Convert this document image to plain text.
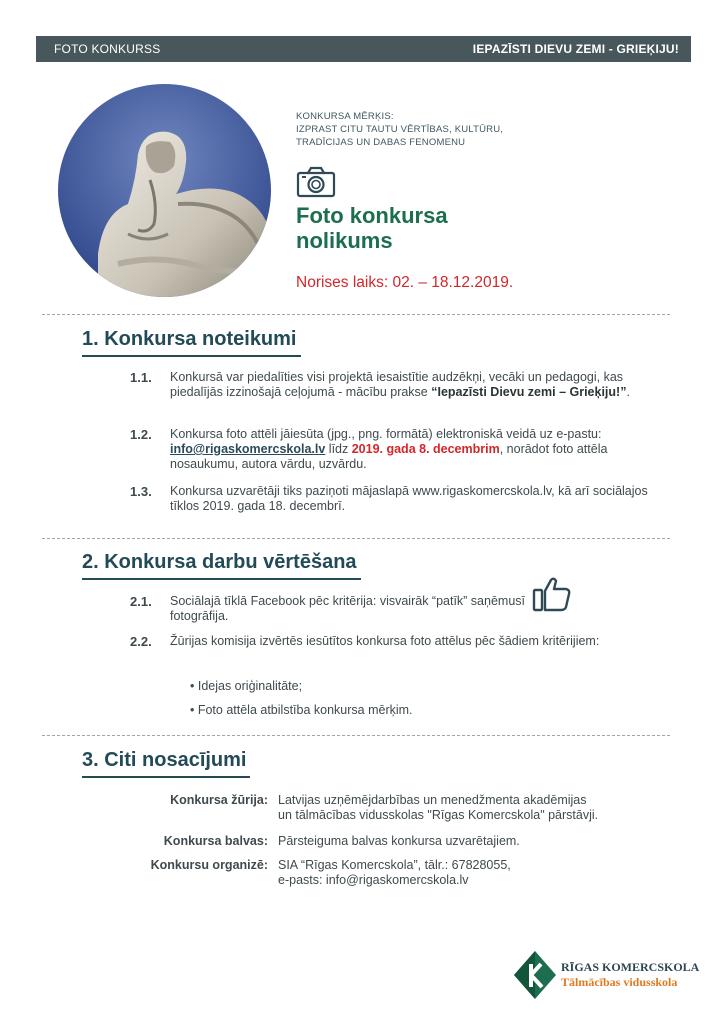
FOTO KONKURSS	IEPAZĪSTI DIEVU ZEMI - GRIEĶIJU!
KONKURSA MĒRĶIS:
IZPRAST CITU TAUTU VĒRTĪBAS, KULTŪRU,
TRADĪCIJAS UN DABAS FENOMENU
Foto konkursa
nolikums
Norises laiks: 02. – 18.12.2019.
1. Konkursa noteikumi
1.1.	Konkursā var piedalīties visi projektā iesaistītie audzēkņi, vecāki un pedagogi, kas piedalījās izzinošajā ceļojumā - mācību prakse “Iepazīsti Dievu zemi – Grieķiju!”.
1.2.	Konkursa foto attēli jāiesūta (jpg., png. formātā) elektroniskā veidā uz e-pastu: info@rigaskomercskola.lv līdz 2019. gada 8. decembrim, norādot foto attēla nosaukumu, autora vārdu, uzvārdu.
1.3.	Konkursa uzvarētāji tiks paziņoti mājaslapā www.rigaskomercskola.lv, kā arī sociālajos tīklos 2019. gada 18. decembrī.
2. Konkursa darbu vērtēšana
2.1.	Sociālajā tīklā Facebook pēc kritērija: visvairāk “patīk” saņēmusī fotogrāfija.
2.2.	Žūrijas komisija izvērtēs iesūtītos konkursa foto attēlus pēc šādiem kritērijiem:
• Idejas oriģinalitāte;
• Foto attēla atbilstība konkursa mērķim.
3. Citi nosacījumi
Konkursa žūrija: Latvijas uzņēmējdarbības un menedžmenta akadēmijas
un tālmācības vidusskolas "Rīgas Komercskola" pārstāvji.
Konkursa balvas: Pārsteiguma balvas konkursa uzvarētajiem.
Konkursu organizē: SIA “Rīgas Komercskola”, tālr.: 67828055,
e-pasts: info@rigaskomercskola.lv
RĪGAS KOMERCSKOLA
Tālmācības vidusskola
